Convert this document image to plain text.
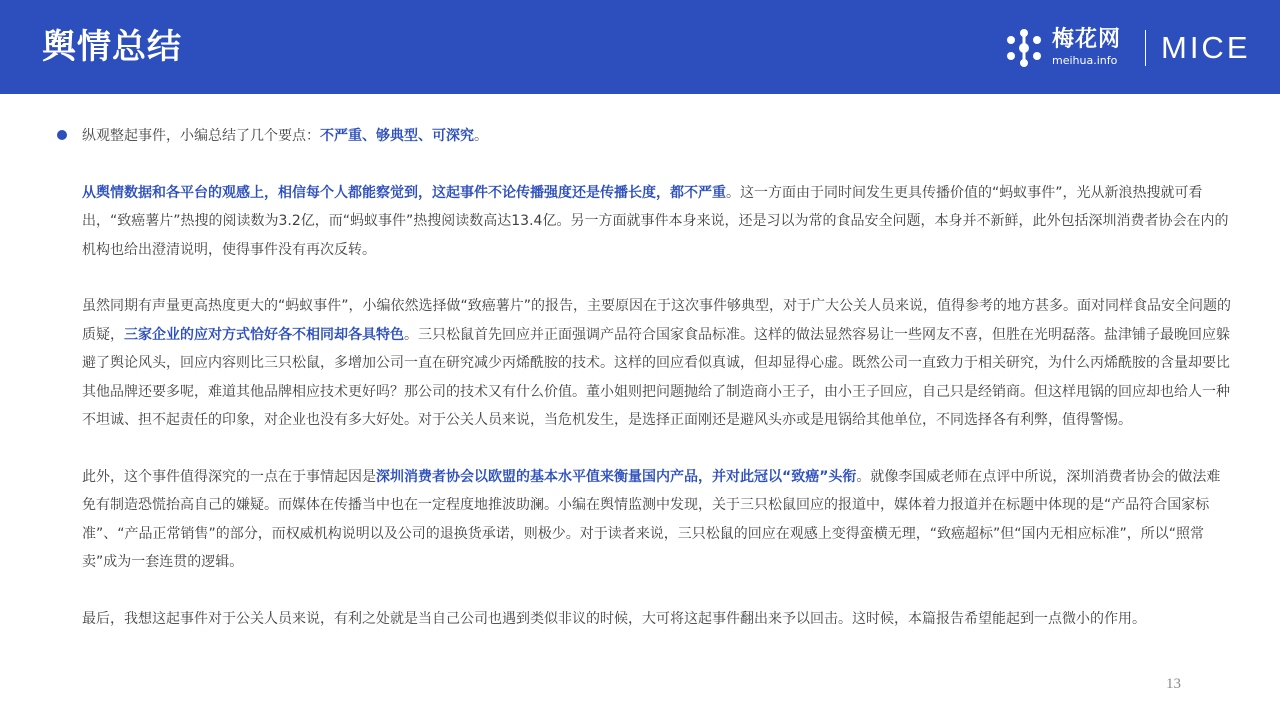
舆情总结	梅花网
meihua.info MICE

纵观整起事件，小编总结了几个要点：不严重、够典型、可深究。

从舆情数据和各平台的观感上，相信每个人都能察觉到，这起事件不论传播强度还是传播长度，都不严重。这一方面由于同时间发生更具传播价值的“蚂蚁事件”，光从新浪热搜就可看出，“致癌薯片”热搜的阅读数为3.2亿，而“蚂蚁事件”热搜阅读数高达13.4亿。另一方面就事件本身来说，还是习以为常的食品安全问题，本身并不新鲜，此外包括深圳消费者协会在内的机构也给出澄清说明，使得事件没有再次反转。

虽然同期有声量更高热度更大的“蚂蚁事件”，小编依然选择做“致癌薯片”的报告，主要原因在于这次事件够典型，对于广大公关人员来说，值得参考的地方甚多。面对同样食品安全问题的质疑，三家企业的应对方式恰好各不相同却各具特色。三只松鼠首先回应并正面强调产品符合国家食品标准。这样的做法显然容易让一些网友不喜，但胜在光明磊落。盐津铺子最晚回应躲避了舆论风头，回应内容则比三只松鼠，多增加公司一直在研究减少丙烯酰胺的技术。这样的回应看似真诚，但却显得心虚。既然公司一直致力于相关研究，为什么丙烯酰胺的含量却要比其他品牌还要多呢，难道其他品牌相应技术更好吗？那公司的技术又有什么价值。董小姐则把问题抛给了制造商小王子，由小王子回应，自己只是经销商。但这样甩锅的回应却也给人一种不坦诚、担不起责任的印象，对企业也没有多大好处。对于公关人员来说，当危机发生，是选择正面刚还是避风头亦或是甩锅给其他单位，不同选择各有利弊，值得警惕。

此外，这个事件值得深究的一点在于事情起因是深圳消费者协会以欧盟的基本水平值来衡量国内产品，并对此冠以“致癌”头衔。就像李国威老师在点评中所说，深圳消费者协会的做法难免有制造恐慌抬高自己的嫌疑。而媒体在传播当中也在一定程度地推波助澜。小编在舆情监测中发现，关于三只松鼠回应的报道中，媒体着力报道并在标题中体现的是“产品符合国家标准”、“产品正常销售”的部分，而权威机构说明以及公司的退换货承诺，则极少。对于读者来说，三只松鼠的回应在观感上变得蛮横无理，“致癌超标”但“国内无相应标准”，所以“照常卖”成为一套连贯的逻辑。

最后，我想这起事件对于公关人员来说，有利之处就是当自己公司也遇到类似非议的时候，大可将这起事件翻出来予以回击。这时候，本篇报告希望能起到一点微小的作用。

13
